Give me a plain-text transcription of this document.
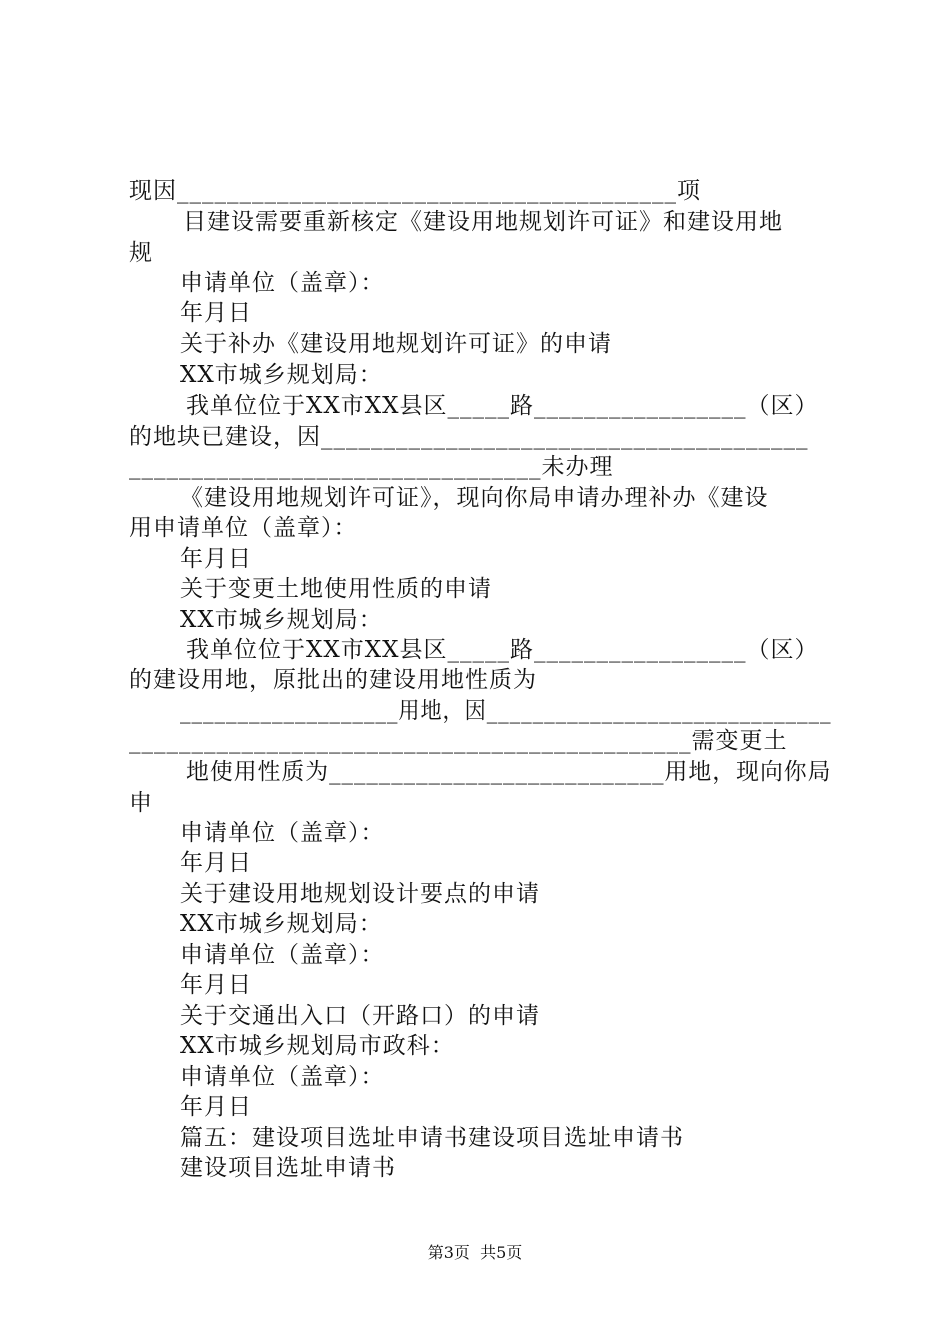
现因________________________________________项
目建设需要重新核定《建设用地规划许可证》和建设用地
规
申请单位（盖章）：
年月日
关于补办《建设用地规划许可证》的申请
XX市城乡规划局：
我单位位于XX市XX县区_____路_________________（区）
的地块已建设，因_______________________________________
_________________________________未办理
《建设用地规划许可证》，现向你局申请办理补办《建设
用申请单位（盖章）：
年月日
关于变更土地使用性质的申请
XX市城乡规划局：
我单位位于XX市XX县区_____路_________________（区）
的建设用地，原批出的建设用地性质为
___________________用地，因______________________________
_____________________________________________需变更土
地使用性质为___________________________用地，现向你局
申
申请单位（盖章）：
年月日
关于建设用地规划设计要点的申请
XX市城乡规划局：
申请单位（盖章）：
年月日
关于交通出入口（开路口）的申请
XX市城乡规划局市政科：
申请单位（盖章）：
年月日
篇五：建设项目选址申请书建设项目选址申请书
建设项目选址申请书
第3页  共5页
